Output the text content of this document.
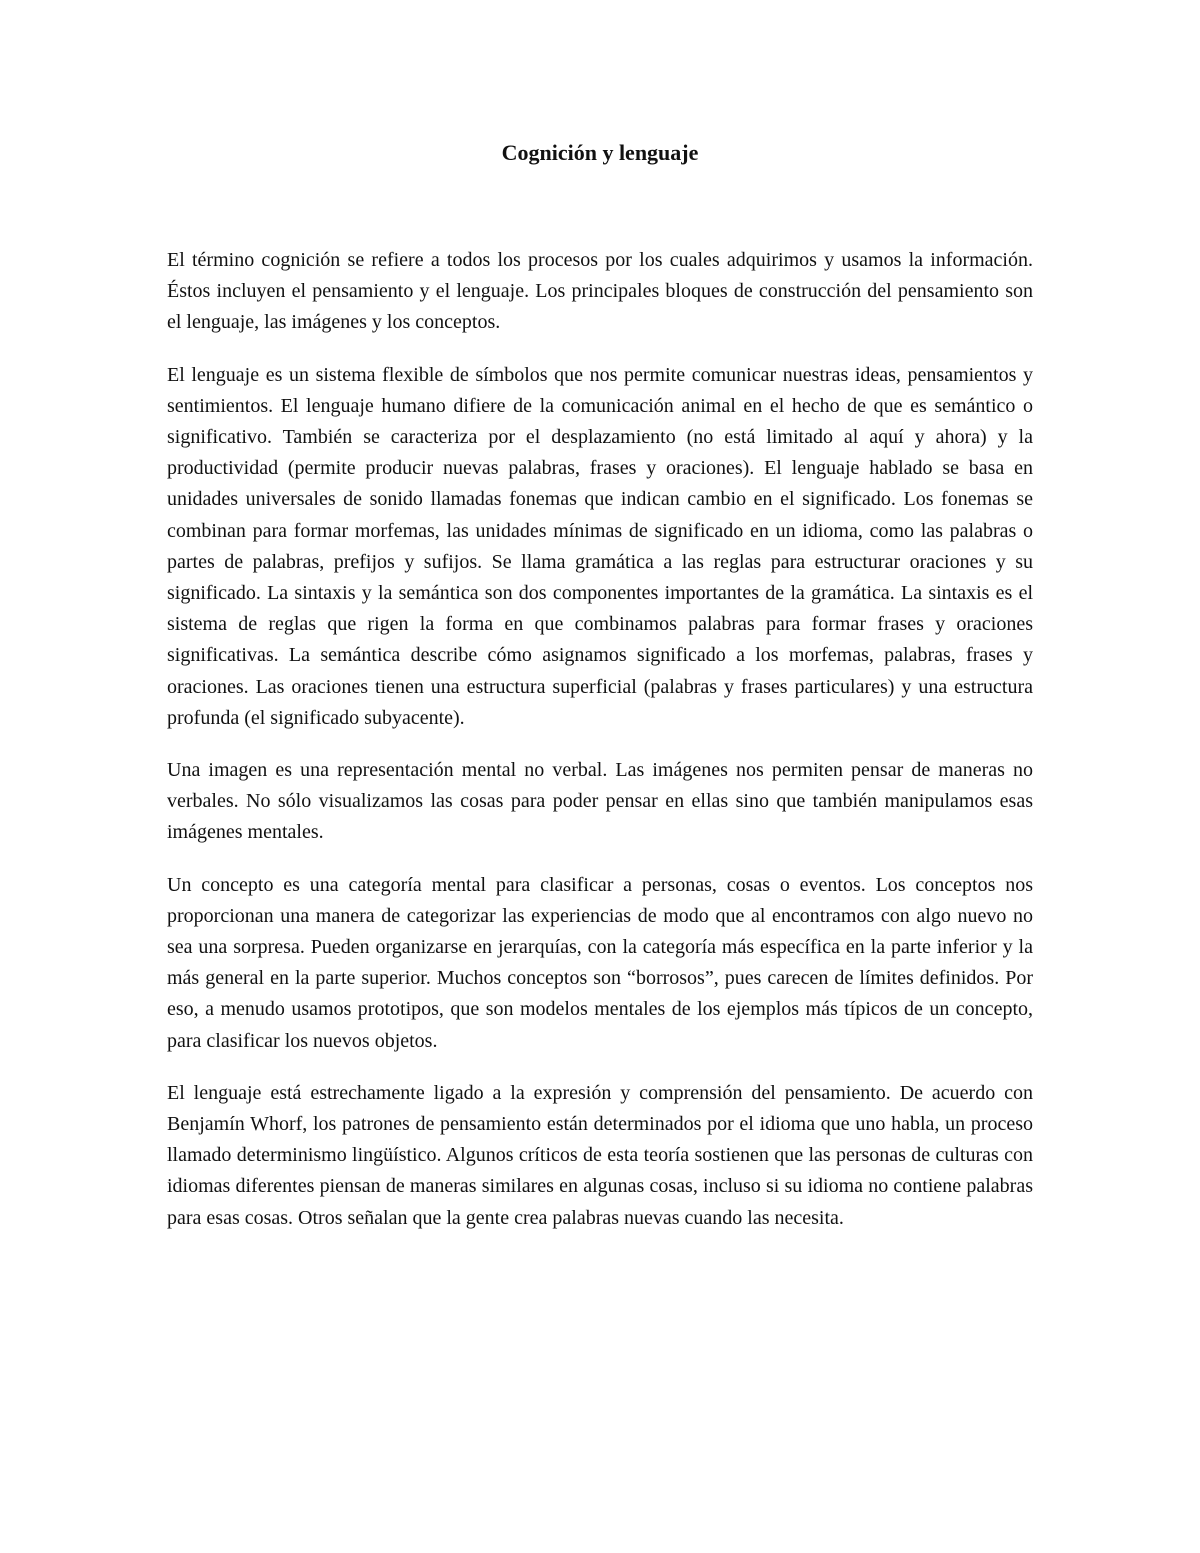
Cognición y lenguaje

El término cognición se refiere a todos los procesos por los cuales adquirimos y usamos la información. Éstos incluyen el pensamiento y el lenguaje. Los principales bloques de construcción del pensamiento son el lenguaje, las imágenes y los conceptos.

El lenguaje es un sistema flexible de símbolos que nos permite comunicar nuestras ideas, pensamientos y sentimientos. El lenguaje humano difiere de la comunicación animal en el hecho de que es semántico o significativo. También se caracteriza por el desplazamiento (no está limitado al aquí y ahora) y la productividad (permite producir nuevas palabras, frases y oraciones). El lenguaje hablado se basa en unidades universales de sonido llamadas fonemas que indican cambio en el significado. Los fonemas se combinan para formar morfemas, las unidades mínimas de significado en un idioma, como las palabras o partes de palabras, prefijos y sufijos. Se llama gramática a las reglas para estructurar oraciones y su significado. La sintaxis y la semántica son dos componentes importantes de la gramática. La sintaxis es el sistema de reglas que rigen la forma en que combinamos palabras para formar frases y oraciones significativas. La semántica describe cómo asignamos significado a los morfemas, palabras, frases y oraciones. Las oraciones tienen una estructura superficial (palabras y frases particulares) y una estructura profunda (el significado subyacente).

Una imagen es una representación mental no verbal. Las imágenes nos permiten pensar de maneras no verbales. No sólo visualizamos las cosas para poder pensar en ellas sino que también manipulamos esas imágenes mentales.

Un concepto es una categoría mental para clasificar a personas, cosas o eventos. Los conceptos nos proporcionan una manera de categorizar las experiencias de modo que al encontramos con algo nuevo no sea una sorpresa. Pueden organizarse en jerarquías, con la categoría más específica en la parte inferior y la más general en la parte superior. Muchos conceptos son “borrosos”, pues carecen de límites definidos. Por eso, a menudo usamos prototipos, que son modelos mentales de los ejemplos más típicos de un concepto, para clasificar los nuevos objetos.

El lenguaje está estrechamente ligado a la expresión y comprensión del pensamiento. De acuerdo con Benjamín Whorf, los patrones de pensamiento están determinados por el idioma que uno habla, un proceso llamado determinismo lingüístico. Algunos críticos de esta teoría sostienen que las personas de culturas con idiomas diferentes piensan de maneras similares en algunas cosas, incluso si su idioma no contiene palabras para esas cosas. Otros señalan que la gente crea palabras nuevas cuando las necesita.
